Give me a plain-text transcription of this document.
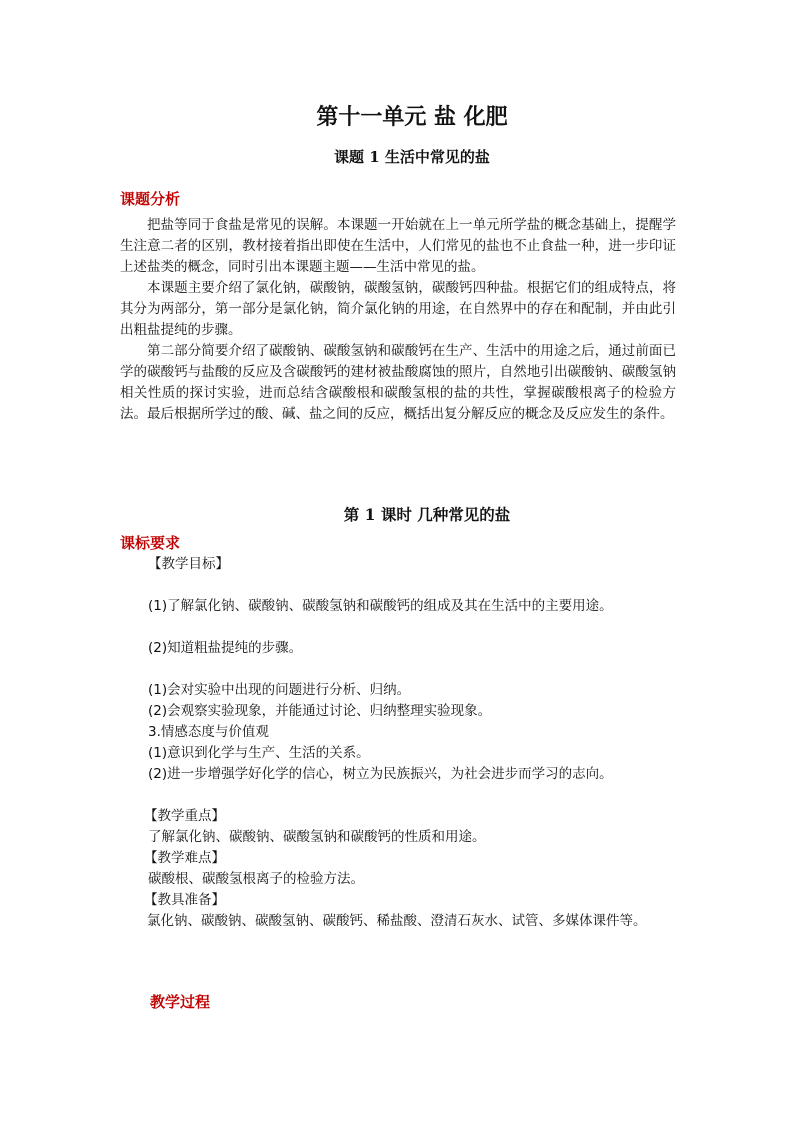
第十一单元 盐 化肥
课题 1 生活中常见的盐
课题分析

把盐等同于食盐是常见的误解。本课题一开始就在上一单元所学盐的概念基础上，提醒学生注意二者的区别，教材接着指出即使在生活中，人们常见的盐也不止食盐一种，进一步印证上述盐类的概念，同时引出本课题主题——生活中常见的盐。

本课题主要介绍了氯化钠，碳酸钠，碳酸氢钠，碳酸钙四种盐。根据它们的组成特点，将其分为两部分，第一部分是氯化钠，简介氯化钠的用途，在自然界中的存在和配制，并由此引出粗盐提纯的步骤。

第二部分简要介绍了碳酸钠、碳酸氢钠和碳酸钙在生产、生活中的用途之后，通过前面已学的碳酸钙与盐酸的反应及含碳酸钙的建材被盐酸腐蚀的照片，自然地引出碳酸钠、碳酸氢钠相关性质的探讨实验，进而总结含碳酸根和碳酸氢根的盐的共性，掌握碳酸根离子的检验方法。最后根据所学过的酸、碱、盐之间的反应，概括出复分解反应的概念及反应发生的条件。

第 1 课时 几种常见的盐
课标要求
【教学目标】
(1)了解氯化钠、碳酸钠、碳酸氢钠和碳酸钙的组成及其在生活中的主要用途。
(2)知道粗盐提纯的步骤。
(1)会对实验中出现的问题进行分析、归纳。
(2)会观察实验现象，并能通过讨论、归纳整理实验现象。
3.情感态度与价值观
(1)意识到化学与生产、生活的关系。
(2)进一步增强学好化学的信心，树立为民族振兴，为社会进步而学习的志向。
【教学重点】
了解氯化钠、碳酸钠、碳酸氢钠和碳酸钙的性质和用途。
【教学难点】
碳酸根、碳酸氢根离子的检验方法。
【教具准备】

氯化钠、碳酸钠、碳酸氢钠、碳酸钙、稀盐酸、澄清石灰水、试管、多媒体课件等。

教学过程
